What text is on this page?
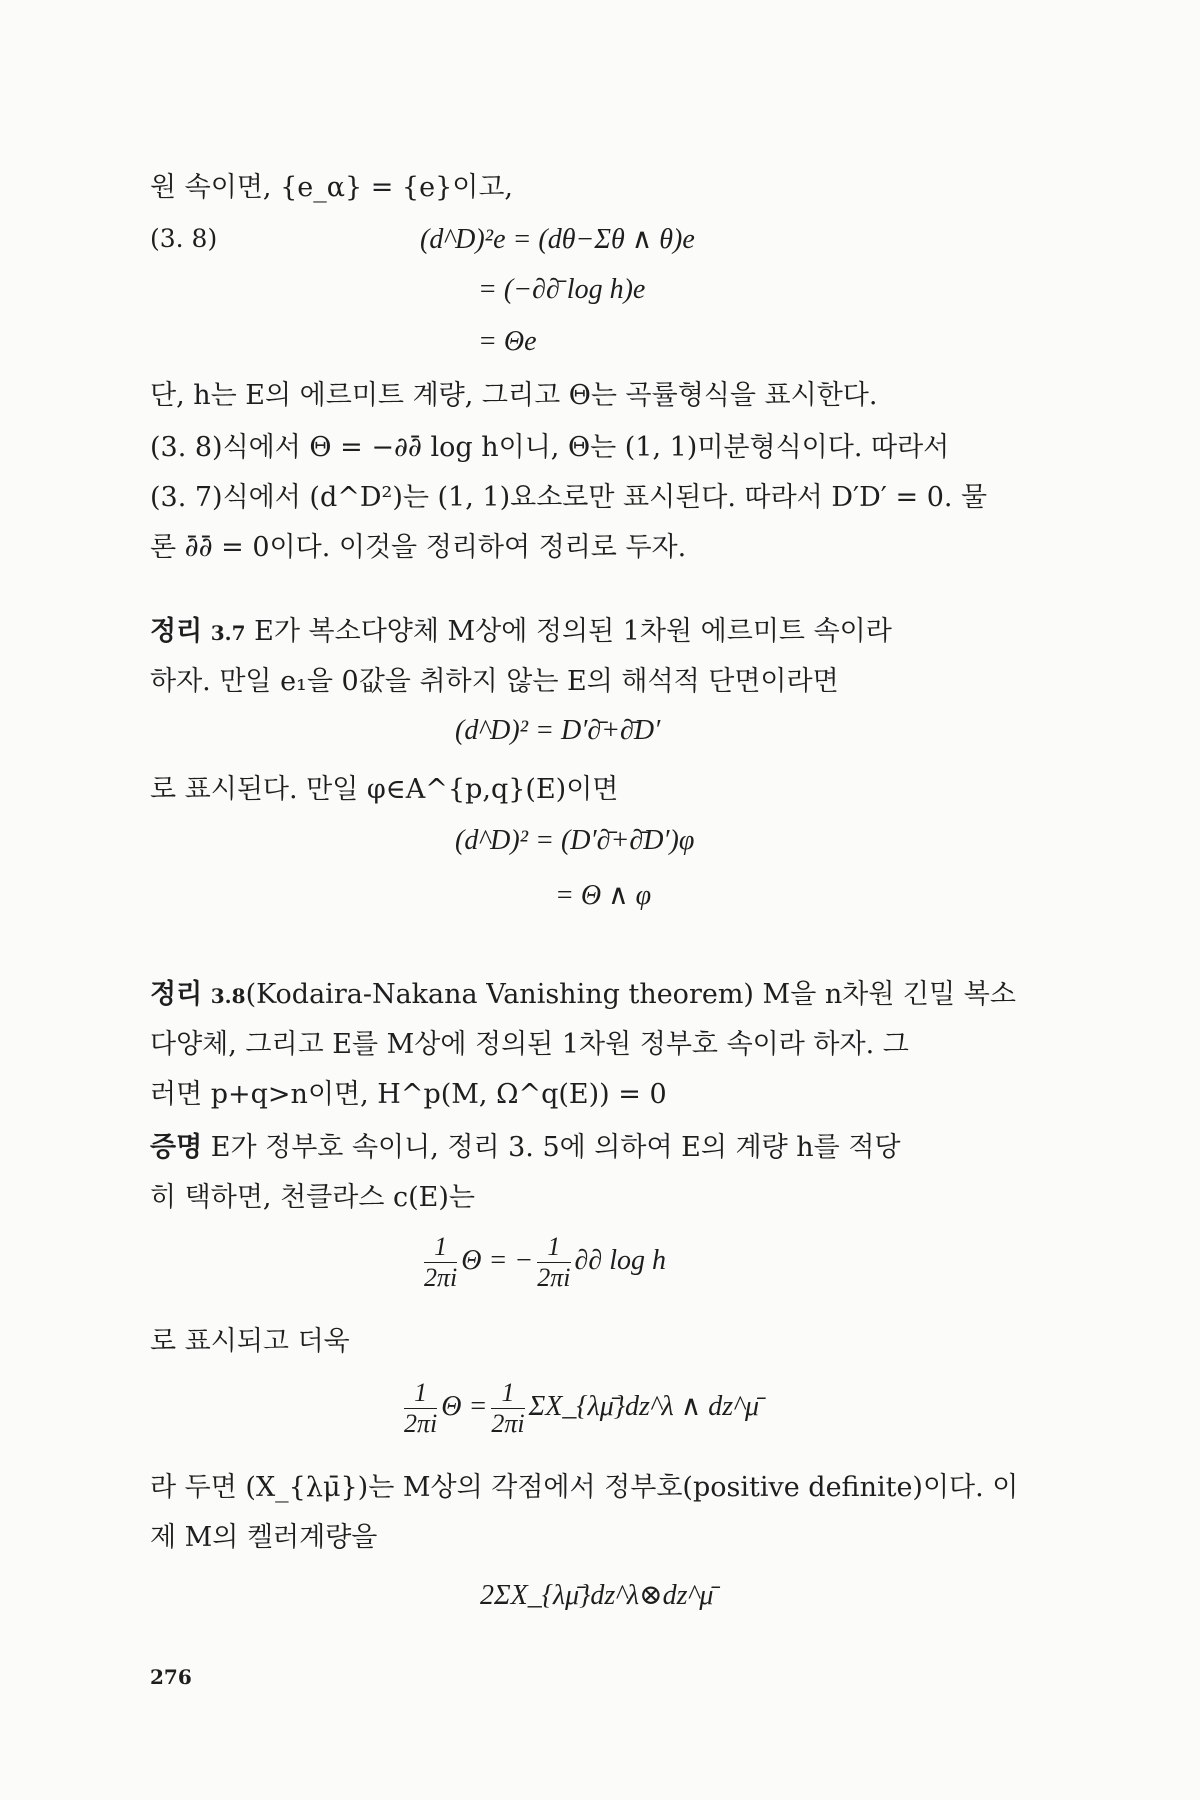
원 속이면, {e_α} = {e}이고,
(3. 8)	(d^D)²e = (dθ−Σθ ∧ θ)e
= (−∂∂̄ log h)e
= Θe
단, h는 E의 에르미트 계량, 그리고 Θ는 곡률형식을 표시한다.
(3. 8)식에서 Θ = −∂∂̄ log h이니, Θ는 (1, 1)미분형식이다. 따라서
(3. 7)식에서 (d^D²)는 (1, 1)요소로만 표시된다. 따라서 D′D′ = 0. 물
론 ∂̄∂̄ = 0이다. 이것을 정리하여 정리로 두자.
정리 3.7 E가 복소다양체 M상에 정의된 1차원 에르미트 속이라
하자. 만일 e₁을 0값을 취하지 않는 E의 해석적 단면이라면
(d^D)² = D′∂̄+∂̄D′
로 표시된다. 만일 φ∈A^{p,q}(E)이면
(d^D)² = (D′∂̄+∂̄D′)φ
= Θ ∧ φ
정리 3.8(Kodaira-Nakana Vanishing theorem) M을 n차원 긴밀 복소
다양체, 그리고 E를 M상에 정의된 1차원 정부호 속이라 하자. 그
러면 p+q>n이면, H^p(M, Ω^q(E)) = 0
증명 E가 정부호 속이니, 정리 3. 5에 의하여 E의 계량 h를 적당
히 택하면, 천클라스 c(E)는
$\frac{1}{2\pi i}$ Θ = − $\frac{1}{2\pi i}$ ∂∂ log h
로 표시되고 더욱
$\frac{1}{2\pi i}$ $\Theta = \frac{1}{2\pi i}$ ΣX_{λμ̄}dz^λ ∧ dz^μ̄
라 두면 (X_{λμ̄})는 M상의 각점에서 정부호(positive definite)이다. 이
제 M의 켈러계량을
2ΣX_{λμ̄}dz^λ⊗dz^μ̄
276
